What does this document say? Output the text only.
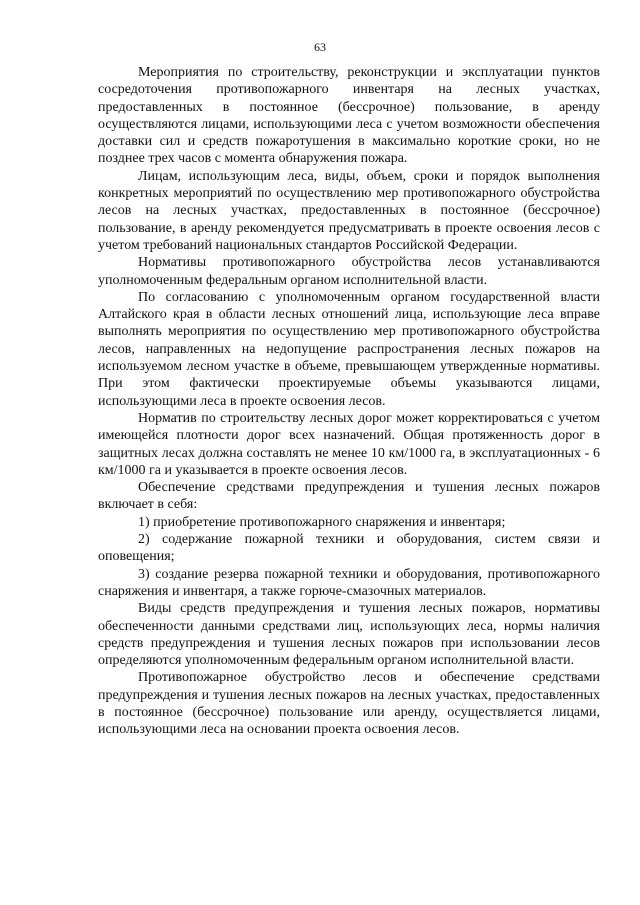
63

Мероприятия по строительству, реконструкции и эксплуатации пунктов сосредоточения противопожарного инвентаря на лесных участках, предоставленных в постоянное (бессрочное) пользование, в аренду осуществляются лицами, использующими леса с учетом возможности обеспечения доставки сил и средств пожаротушения в максимально короткие сроки, но не позднее трех часов с момента обнаружения пожара.

Лицам, использующим леса, виды, объем, сроки и порядок выполнения конкретных мероприятий по осуществлению мер противопожарного обустройства лесов на лесных участках, предоставленных в постоянное (бессрочное) пользование, в аренду рекомендуется предусматривать в проекте освоения лесов с учетом требований национальных стандартов Российской Федерации.

Нормативы противопожарного обустройства лесов устанавливаются уполномоченным федеральным органом исполнительной власти.

По согласованию с уполномоченным органом государственной власти Алтайского края в области лесных отношений лица, использующие леса вправе выполнять мероприятия по осуществлению мер противопожарного обустройства лесов, направленных на недопущение распространения лесных пожаров на используемом лесном участке в объеме, превышающем утвержденные нормативы. При этом фактически проектируемые объемы указываются лицами, использующими леса в проекте освоения лесов.

Норматив по строительству лесных дорог может корректироваться с учетом имеющейся плотности дорог всех назначений. Общая протяженность дорог в защитных лесах должна составлять не менее 10 км/1000 га, в эксплуатационных - 6 км/1000 га и указывается в проекте освоения лесов.

Обеспечение средствами предупреждения и тушения лесных пожаров включает в себя:

1) приобретение противопожарного снаряжения и инвентаря;

2) содержание пожарной техники и оборудования, систем связи и оповещения;

3) создание резерва пожарной техники и оборудования, противопожарного снаряжения и инвентаря, а также горюче-смазочных материалов.

Виды средств предупреждения и тушения лесных пожаров, нормативы обеспеченности данными средствами лиц, использующих леса, нормы наличия средств предупреждения и тушения лесных пожаров при использовании лесов определяются уполномоченным федеральным органом исполнительной власти.

Противопожарное обустройство лесов и обеспечение средствами предупреждения и тушения лесных пожаров на лесных участках, предоставленных в постоянное (бессрочное) пользование или аренду, осуществляется лицами, использующими леса на основании проекта освоения лесов.
